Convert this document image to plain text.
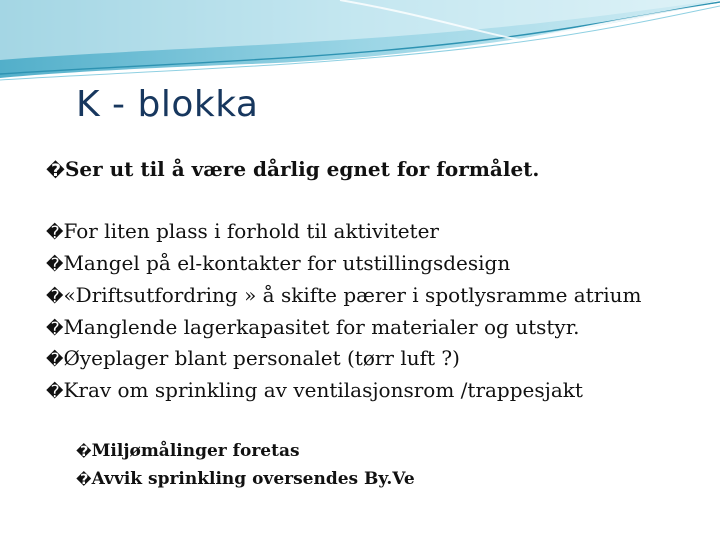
K - blokka
�Ser ut til å være dårlig egnet for formålet.
�For liten plass i forhold til aktiviteter
�Mangel på el-kontakter for utstillingsdesign
�«Driftsutfordring » å skifte pærer i spotlysramme atrium
�Manglende lagerkapasitet for materialer og utstyr.
�Øyeplager blant personalet (tørr luft ?)
�Krav om sprinkling av ventilasjonsrom /trappesjakt
�Miljømålinger foretas
�Avvik sprinkling oversendes By.Ve
